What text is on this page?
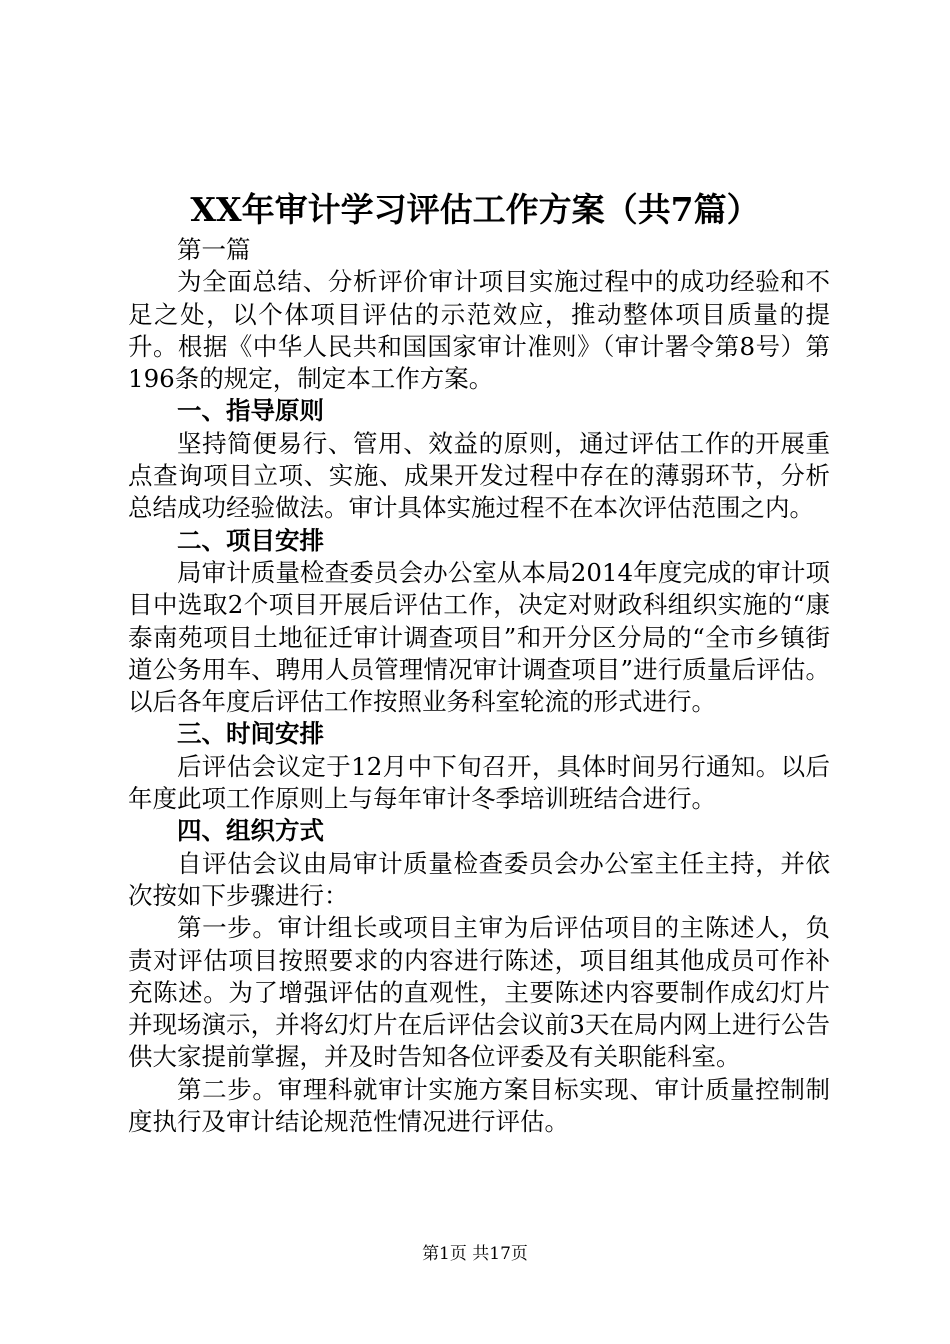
XX年审计学习评估工作方案（共7篇）

第一篇

为全面总结、分析评价审计项目实施过程中的成功经验和不足之处，以个体项目评估的示范效应，推动整体项目质量的提升。根据《中华人民共和国国家审计准则》（审计署令第8号）第196条的规定，制定本工作方案。

一、指导原则

坚持简便易行、管用、效益的原则，通过评估工作的开展重点查询项目立项、实施、成果开发过程中存在的薄弱环节，分析总结成功经验做法。审计具体实施过程不在本次评估范围之内。

二、项目安排

局审计质量检查委员会办公室从本局2014年度完成的审计项目中选取2个项目开展后评估工作，决定对财政科组织实施的“康泰南苑项目土地征迁审计调查项目”和开分区分局的“全市乡镇街道公务用车、聘用人员管理情况审计调查项目”进行质量后评估。以后各年度后评估工作按照业务科室轮流的形式进行。

三、时间安排

后评估会议定于12月中下旬召开，具体时间另行通知。以后年度此项工作原则上与每年审计冬季培训班结合进行。

四、组织方式

自评估会议由局审计质量检查委员会办公室主任主持，并依次按如下步骤进行：

第一步。审计组长或项目主审为后评估项目的主陈述人，负责对评估项目按照要求的内容进行陈述，项目组其他成员可作补充陈述。为了增强评估的直观性，主要陈述内容要制作成幻灯片并现场演示，并将幻灯片在后评估会议前3天在局内网上进行公告供大家提前掌握，并及时告知各位评委及有关职能科室。

第二步。审理科就审计实施方案目标实现、审计质量控制制度执行及审计结论规范性情况进行评估。

第1页 共17页
